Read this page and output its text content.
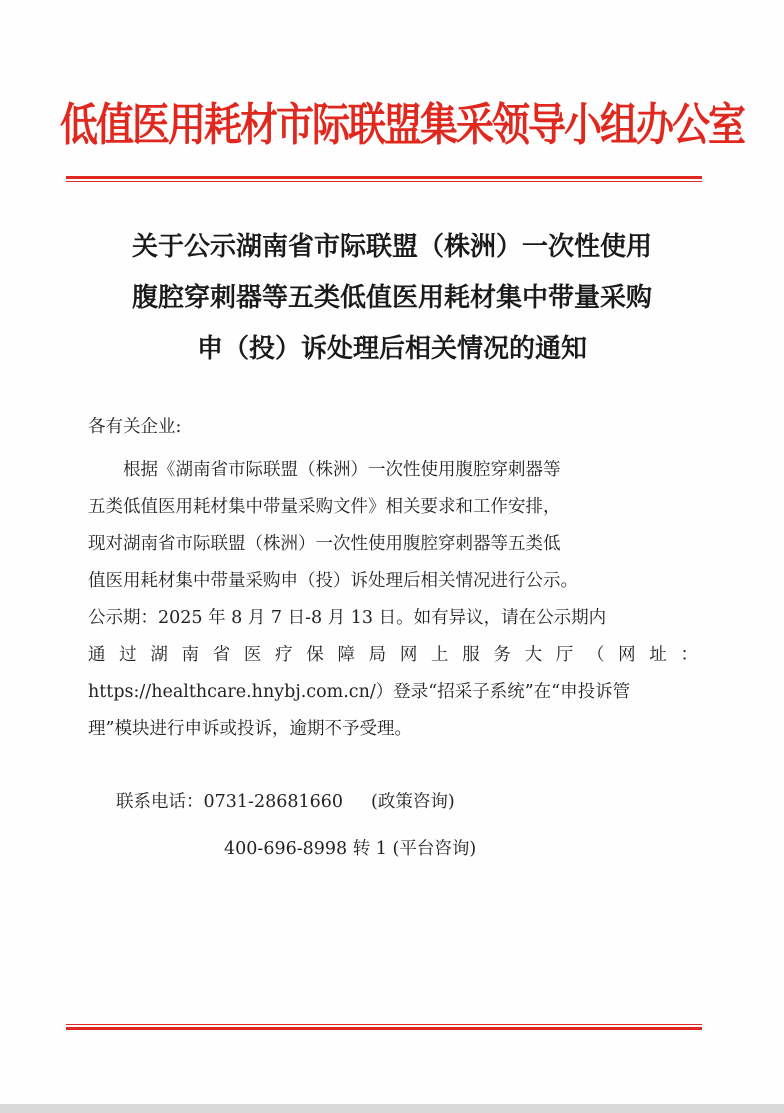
低值医用耗材市际联盟集采领导小组办公室
关于公示湖南省市际联盟（株洲）一次性使用
腹腔穿刺器等五类低值医用耗材集中带量采购
申（投）诉处理后相关情况的通知
各有关企业:
根据《湖南省市际联盟（株洲）一次性使用腹腔穿刺器等
五类低值医用耗材集中带量采购文件》相关要求和工作安排，
现对湖南省市际联盟（株洲）一次性使用腹腔穿刺器等五类低
值医用耗材集中带量采购申（投）诉处理后相关情况进行公示。
公示期：2025 年 8 月 7 日-8 月 13 日。如有异议，请在公示期内
通过湖南省医疗保障局网上服务大厅（网址：
https://healthcare.hnybj.com.cn/）登录“招采子系统”在“申投诉管
理”模块进行申诉或投诉，逾期不予受理。
联系电话：0731-28681660 (政策咨询)
400-696-8998 转 1 (平台咨询)
